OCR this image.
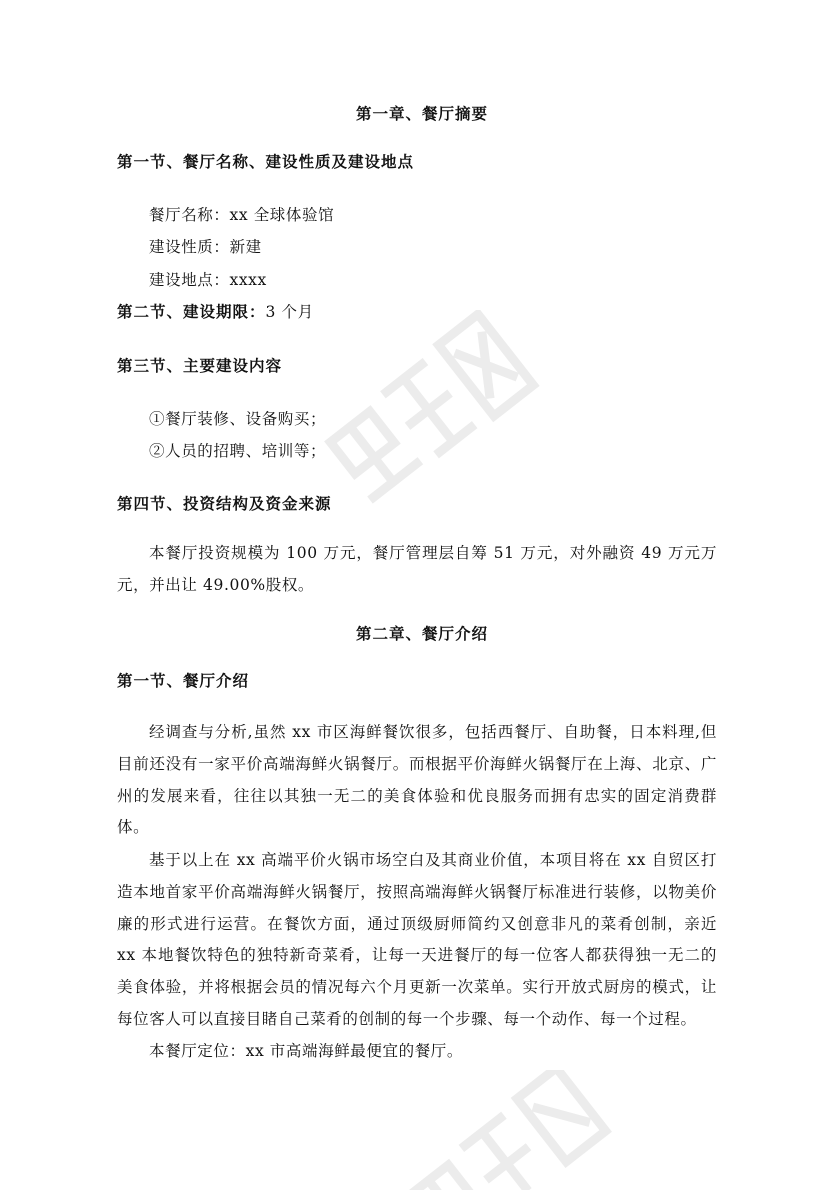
第一章、餐厅摘要
第一节、餐厅名称、建设性质及建设地点
餐厅名称：xx 全球体验馆
建设性质：新建
建设地点：xxxx
第二节、建设期限：3 个月
第三节、主要建设内容
①餐厅装修、设备购买；
②人员的招聘、培训等；
第四节、投资结构及资金来源
本餐厅投资规模为 100 万元，餐厅管理层自筹 51 万元，对外融资 49 万元万元，并出让 49.00%股权。
第二章、餐厅介绍
第一节、餐厅介绍
经调查与分析,虽然 xx 市区海鲜餐饮很多，包括西餐厅、自助餐，日本料理,但目前还没有一家平价高端海鲜火锅餐厅。而根据平价海鲜火锅餐厅在上海、北京、广州的发展来看，往往以其独一无二的美食体验和优良服务而拥有忠实的固定消费群体。
基于以上在 xx 高端平价火锅市场空白及其商业价值，本项目将在 xx 自贸区打造本地首家平价高端海鲜火锅餐厅，按照高端海鲜火锅餐厅标准进行装修，以物美价廉的形式进行运营。在餐饮方面，通过顶级厨师简约又创意非凡的菜肴创制，亲近 xx 本地餐饮特色的独特新奇菜肴，让每一天进餐厅的每一位客人都获得独一无二的美食体验，并将根据会员的情况每六个月更新一次菜单。实行开放式厨房的模式，让每位客人可以直接目睹自己菜肴的创制的每一个步骤、每一个动作、每一个过程。
本餐厅定位：xx 市高端海鲜最便宜的餐厅。
